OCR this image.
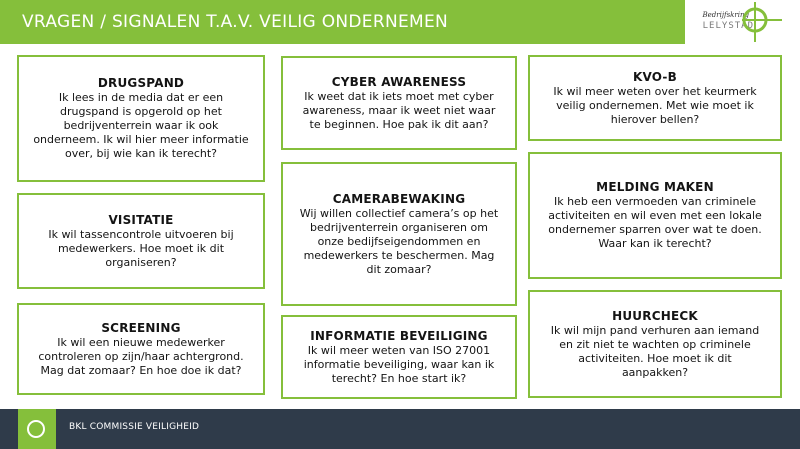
VRAGEN / SIGNALEN T.A.V. VEILIG ONDERNEMEN	Bedrijfskring
LELYSTAD
DRUGSPAND
Ik lees in de media dat er een
drugspand is opgerold op het
bedrijventerrein waar ik ook
onderneem. Ik wil hier meer informatie
over, bij wie kan ik terecht?
VISITATIE
Ik wil tassencontrole uitvoeren bij
medewerkers. Hoe moet ik dit
organiseren?
SCREENING
Ik wil een nieuwe medewerker
controleren op zijn/haar achtergrond.
Mag dat zomaar? En hoe doe ik dat?
CYBER AWARENESS
Ik weet dat ik iets moet met cyber
awareness, maar ik weet niet waar
te beginnen. Hoe pak ik dit aan?
CAMERABEWAKING
Wij willen collectief camera’s op het
bedrijventerrein organiseren om
onze bedijfseigendommen en
medewerkers te beschermen. Mag
dit zomaar?
INFORMATIE BEVEILIGING
Ik wil meer weten van ISO 27001
informatie beveiliging, waar kan ik
terecht? En hoe start ik?
KVO-B
Ik wil meer weten over het keurmerk
veilig ondernemen. Met wie moet ik
hierover bellen?
MELDING MAKEN
Ik heb een vermoeden van criminele
activiteiten en wil even met een lokale
ondernemer sparren over wat te doen.
Waar kan ik terecht?
HUURCHECK
Ik wil mijn pand verhuren aan iemand
en zit niet te wachten op criminele
activiteiten. Hoe moet ik dit
aanpakken?
BKL COMMISSIE VEILIGHEID
